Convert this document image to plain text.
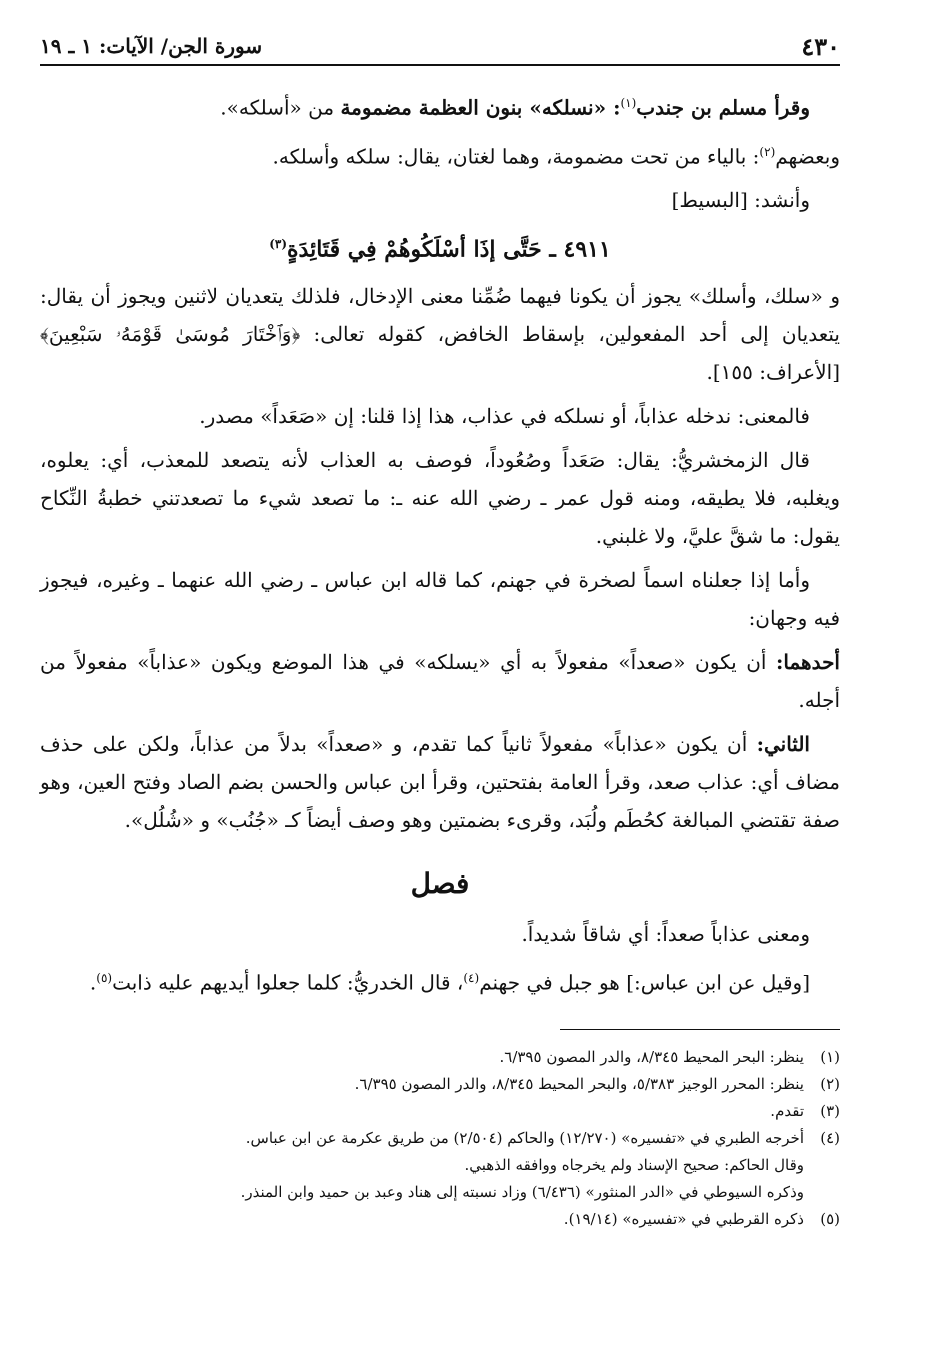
٤٣٠
سورة الجن/ الآيات: ١ ـ ١٩

وقرأ مسلم بن جندب$^{(١)}$: «نسلكه» بنون العظمة مضمومة من «أسلكه».

وبعضهم$^{(٢)}$: بالياء من تحت مضمومة، وهما لغتان، يقال: سلكه وأسلكه.

وأنشد: [البسيط]

٤٩١١ ـ حَتَّى إذَا أسْلَكُوهُمْ فِي قَتَائِدَةٍ$^{(٣)}$

و «سلك، وأسلك» يجوز أن يكونا فيهما ضُمِّنا معنى الإدخال، فلذلك يتعديان لاثنين ويجوز أن يقال: يتعديان إلى أحد المفعولين، بإسقاط الخافض، كقوله تعالى: ﴿وَٱخْتَارَ مُوسَىٰ قَوْمَهُۥ سَبْعِينَ﴾ [الأعراف: ١٥٥].

فالمعنى: ندخله عذاباً، أو نسلكه في عذاب، هذا إذا قلنا: إن «صَعَداً» مصدر.

قال الزمخشريُّ: يقال: صَعَداً وصُعُوداً، فوصف به العذاب لأنه يتصعد للمعذب، أي: يعلوه، ويغلبه، فلا يطيقه، ومنه قول عمر ـ رضي الله عنه ـ: ما تصعد شيء ما تصعدتني خطبةُ النِّكاح يقول: ما شقَّ عليَّ، ولا غلبني.

وأما إذا جعلناه اسماً لصخرة في جهنم، كما قاله ابن عباس ـ رضي الله عنهما ـ وغيره، فيجوز فيه وجهان:

أحدهما: أن يكون «صعداً» مفعولاً به أي «يسلكه» في هذا الموضع ويكون «عذاباً» مفعولاً من أجله.

الثاني: أن يكون «عذاباً» مفعولاً ثانياً كما تقدم، و «صعداً» بدلاً من عذاباً، ولكن على حذف مضاف أي: عذاب صعد، وقرأ العامة بفتحتين، وقرأ ابن عباس والحسن بضم الصاد وفتح العين، وهو صفة تقتضي المبالغة كحُطَم ولُبَد، وقرىء بضمتين وهو وصف أيضاً كـ «جُنُب» و «شُلُل».

فصل

ومعنى عذاباً صعداً: أي شاقاً شديداً.

[وقيل عن ابن عباس:] هو جبل في جهنم$^{(٤)}$، قال الخدريُّ: كلما جعلوا أيديهم عليه ذابت$^{(٥)}$.

(١)
ينظر: البحر المحيط ٨/٣٤٥، والدر المصون ٦/٣٩٥.
(٢)
ينظر: المحرر الوجيز ٥/٣٨٣، والبحر المحيط ٨/٣٤٥، والدر المصون ٦/٣٩٥.
(٣)
تقدم.
(٤)
أخرجه الطبري في «تفسيره» (١٢/٢٧٠) والحاكم (٢/٥٠٤) من طريق عكرمة عن ابن عباس.
وقال الحاكم: صحيح الإسناد ولم يخرجاه ووافقه الذهبي.
وذكره السيوطي في «الدر المنثور» (٦/٤٣٦) وزاد نسبته إلى هناد وعبد بن حميد وابن المنذر.
(٥)
ذكره القرطبي في «تفسيره» (١٩/١٤).
